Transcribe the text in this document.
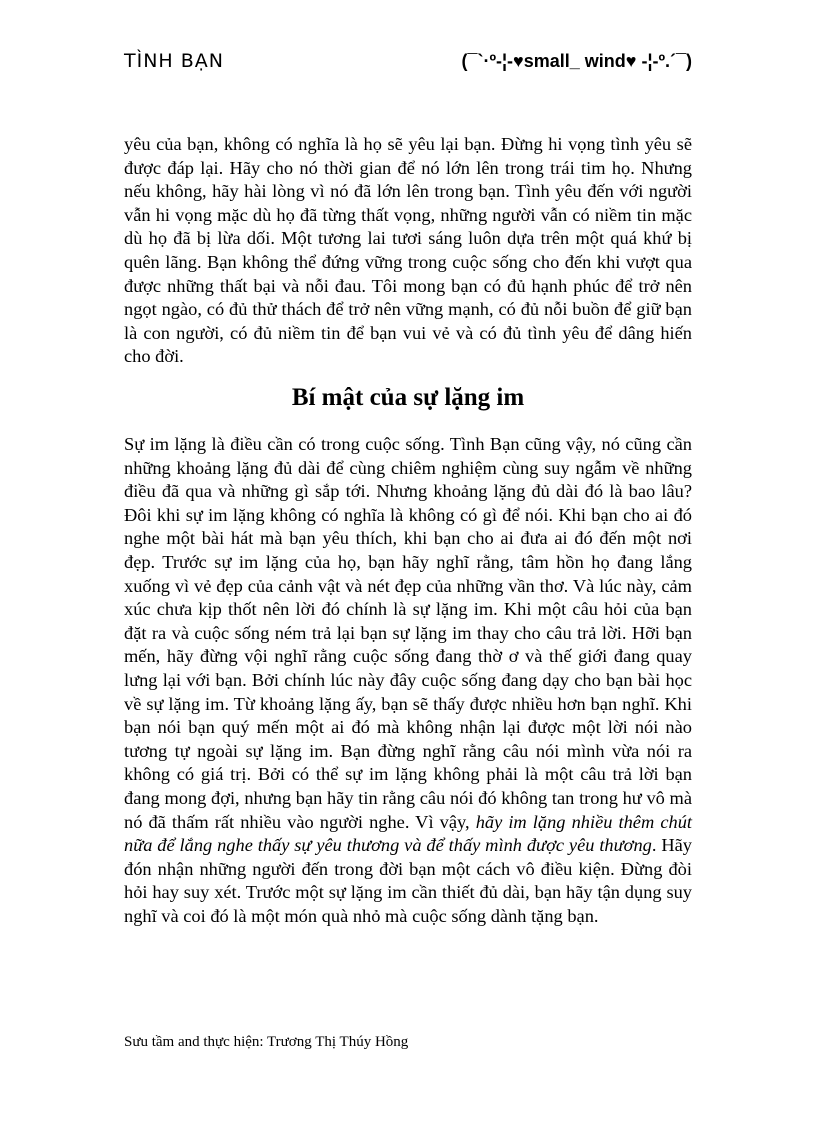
TÌNH BẠN	(¯`·º-¦-♥small_ wind♥ -¦-º.´¯)

yêu của bạn, không có nghĩa là họ sẽ yêu lại bạn. Đừng hi vọng tình yêu sẽ được đáp lại. Hãy cho nó thời gian để nó lớn lên trong trái tim họ. Nhưng nếu không, hãy hài lòng vì nó đã lớn lên trong bạn. Tình yêu đến với người vẫn hi vọng mặc dù họ đã từng thất vọng, những người vẫn có niềm tin mặc dù họ đã bị lừa dối. Một tương lai tươi sáng luôn dựa trên một quá khứ bị quên lãng. Bạn không thể đứng vững trong cuộc sống cho đến khi vượt qua được những thất bại và nỗi đau. Tôi mong bạn có đủ hạnh phúc để trở nên ngọt ngào, có đủ thử thách để trở nên vững mạnh, có đủ nỗi buồn để giữ bạn là con người, có đủ niềm tin để bạn vui vẻ và có đủ tình yêu để dâng hiến cho đời.

Bí mật của sự lặng im

Sự im lặng là điều cần có trong cuộc sống. Tình Bạn cũng vậy, nó cũng cần những khoảng lặng đủ dài để cùng chiêm nghiệm cùng suy ngẫm về những điều đã qua và những gì sắp tới. Nhưng khoảng lặng đủ dài đó là bao lâu? Đôi khi sự im lặng không có nghĩa là không có gì để nói. Khi bạn cho ai đó nghe một bài hát mà bạn yêu thích, khi bạn cho ai đưa ai đó đến một nơi đẹp. Trước sự im lặng của họ, bạn hãy nghĩ rằng, tâm hồn họ đang lắng xuống vì vẻ đẹp của cảnh vật và nét đẹp của những vần thơ. Và lúc này, cảm xúc chưa kịp thốt nên lời đó chính là sự lặng im. Khi một câu hỏi của bạn đặt ra và cuộc sống ném trả lại bạn sự lặng im thay cho câu trả lời. Hỡi bạn mến, hãy đừng vội nghĩ rằng cuộc sống đang thờ ơ và thế giới đang quay lưng lại với bạn. Bởi chính lúc này đây cuộc sống đang dạy cho bạn bài học về sự lặng im. Từ khoảng lặng ấy, bạn sẽ thấy được nhiều hơn bạn nghĩ. Khi bạn nói bạn quý mến một ai đó mà không nhận lại được một lời nói nào tương tự ngoài sự lặng im. Bạn đừng nghĩ rằng câu nói mình vừa nói ra không có giá trị. Bởi có thể sự im lặng không phải là một câu trả lời bạn đang mong đợi, nhưng bạn hãy tin rằng câu nói đó không tan trong hư vô mà nó đã thấm rất nhiều vào người nghe. Vì vậy, hãy im lặng nhiều thêm chút nữa để lắng nghe thấy sự yêu thương và để thấy mình được yêu thương. Hãy đón nhận những người đến trong đời bạn một cách vô điều kiện. Đừng đòi hỏi hay suy xét. Trước một sự lặng im cần thiết đủ dài, bạn hãy tận dụng suy nghĩ và coi đó là một món quà nhỏ mà cuộc sống dành tặng bạn.

Sưu tầm and thực hiện: Trương Thị Thúy Hồng
